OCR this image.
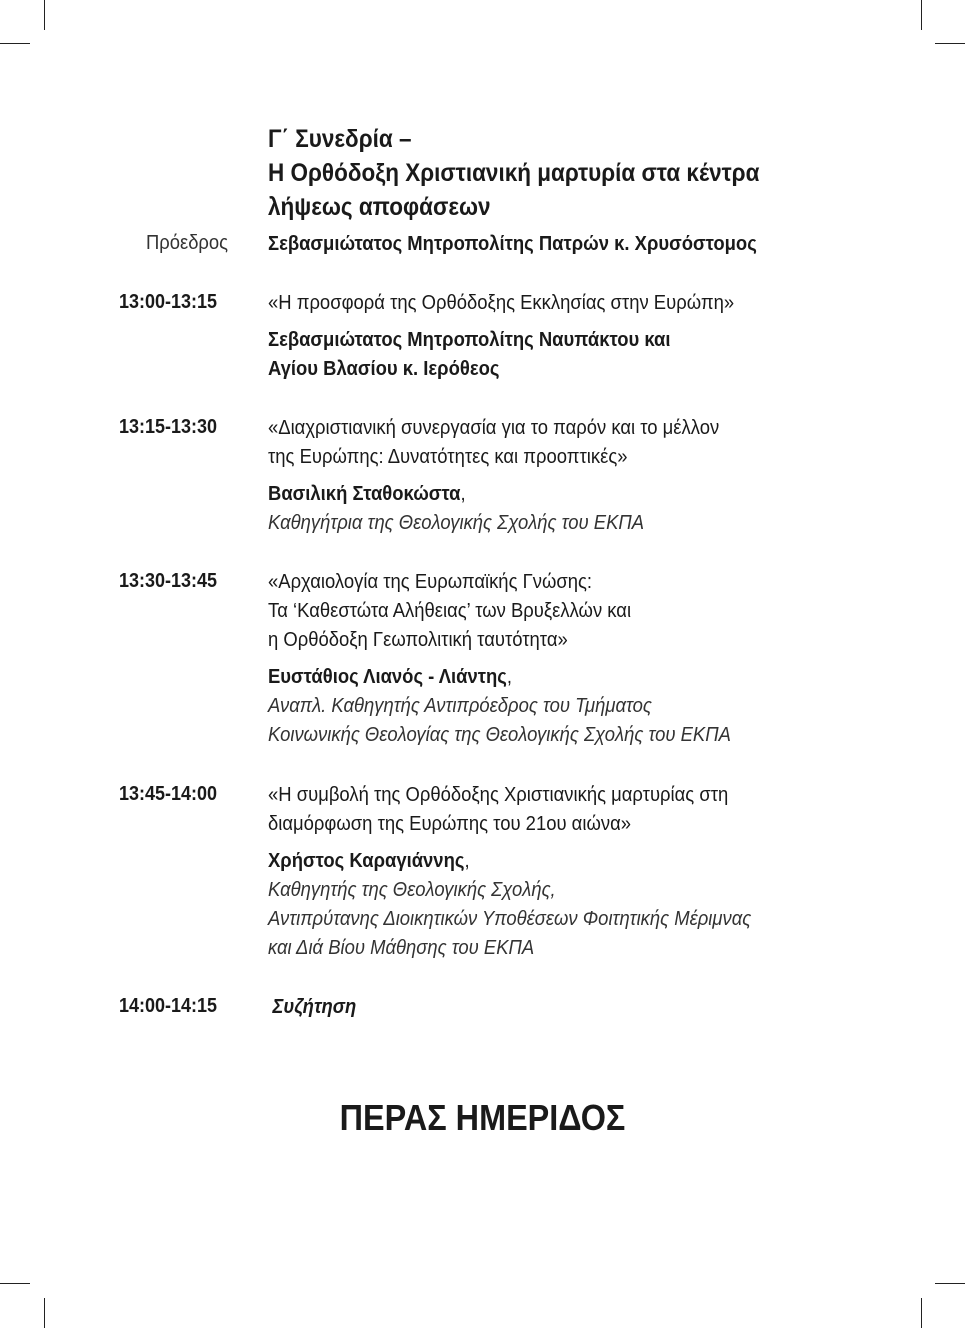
Γ΄ Συνεδρία –
Η Ορθόδοξη Χριστιανική μαρτυρία στα κέντρα
λήψεως αποφάσεων
Πρόεδρος	Σεβασμιώτατος Μητροπολίτης Πατρών κ. Χρυσόστομος
13:00-13:15	«Η προσφορά της Ορθόδοξης Εκκλησίας στην Ευρώπη»
Σεβασμιώτατος Μητροπολίτης Ναυπάκτου και
Αγίου Βλασίου κ. Ιερόθεος
13:15-13:30	«Διαχριστιανική συνεργασία για το παρόν και το μέλλον
της Ευρώπης: Δυνατότητες και προοπτικές»
Βασιλική Σταθοκώστα,
Καθηγήτρια της Θεολογικής Σχολής του ΕΚΠΑ
13:30-13:45	«Αρχαιολογία της Ευρωπαϊκής Γνώσης:
Τα ‘Καθεστώτα Αλήθειας’ των Βρυξελλών και
η Ορθόδοξη Γεωπολιτική ταυτότητα»
Ευστάθιος Λιανός - Λιάντης,
Αναπλ. Καθηγητής Αντιπρόεδρος του Τμήματος
Κοινωνικής Θεολογίας της Θεολογικής Σχολής του ΕΚΠΑ
13:45-14:00	«Η συμβολή της Ορθόδοξης Χριστιανικής μαρτυρίας στη
διαμόρφωση της Ευρώπης του 21ου αιώνα»
Χρήστος Καραγιάννης,
Καθηγητής της Θεολογικής Σχολής,
Αντιπρύτανης Διοικητικών Υποθέσεων Φοιτητικής Μέριμνας
και Διά Βίου Μάθησης του ΕΚΠΑ
14:00-14:15	Συζήτηση
ΠΕΡΑΣ ΗΜΕΡΙΔΟΣ
